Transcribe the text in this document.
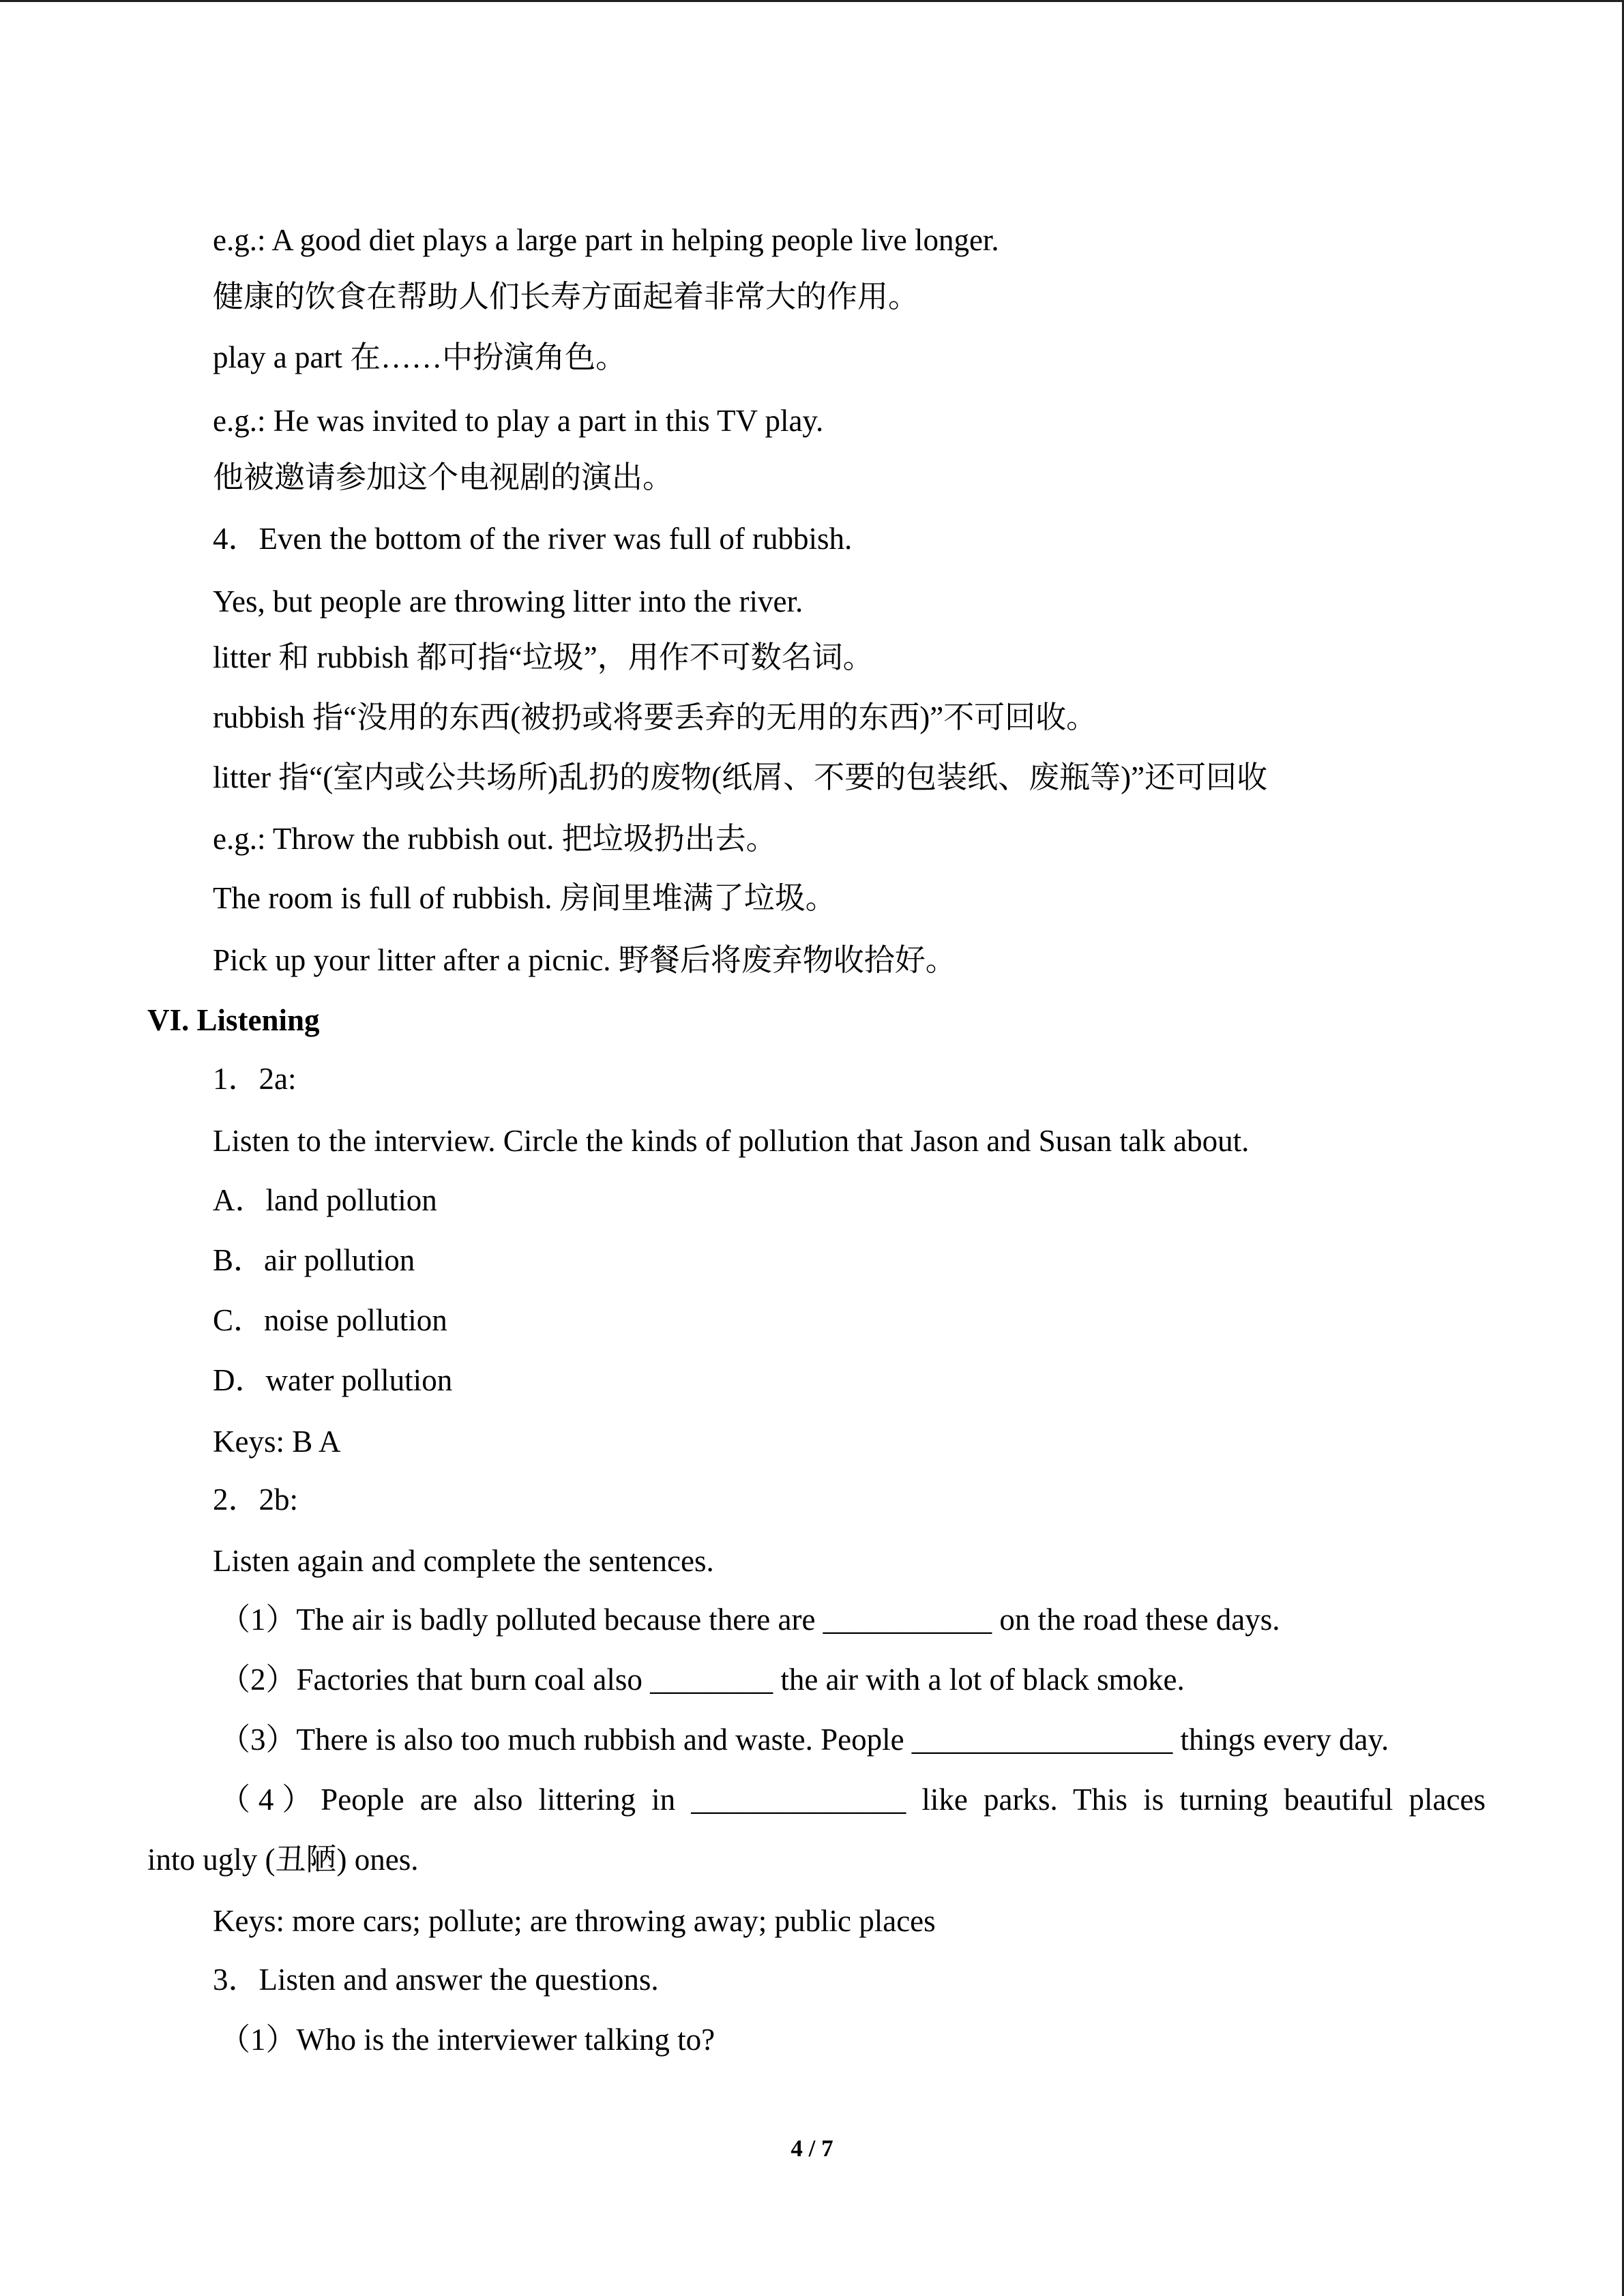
e.g.: A good diet plays a large part in helping people live longer.
健康的饮食在帮助人们长寿方面起着非常大的作用。
play a part 在……中扮演角色。
e.g.: He was invited to play a part in this TV play.
他被邀请参加这个电视剧的演出。
4．Even the bottom of the river was full of rubbish.
Yes, but people are throwing litter into the river.
litter 和 rubbish 都可指“垃圾”，用作不可数名词。
rubbish 指“没用的东西(被扔或将要丢弃的无用的东西)”不可回收。
litter 指“(室内或公共场所)乱扔的废物(纸屑、不要的包装纸、废瓶等)”还可回收
e.g.: Throw the rubbish out. 把垃圾扔出去。
The room is full of rubbish. 房间里堆满了垃圾。
Pick up your litter after a picnic. 野餐后将废弃物收拾好。
VI. Listening
1．2a:
Listen to the interview. Circle the kinds of pollution that Jason and Susan talk about.
A．land pollution
B．air pollution
C．noise pollution
D．water pollution
Keys: B A
2．2b:
Listen again and complete the sentences.
（1）The air is badly polluted because there are ___________ on the road these days.
（2）Factories that burn coal also ________ the air with a lot of black smoke.
（3）There is also too much rubbish and waste. People _________________ things every day.
（4）People are also littering in ______________ like parks. This is turning beautiful places
into ugly (丑陋) ones.
Keys: more cars; pollute; are throwing away; public places
3．Listen and answer the questions.
（1）Who is the interviewer talking to?
4 / 7
